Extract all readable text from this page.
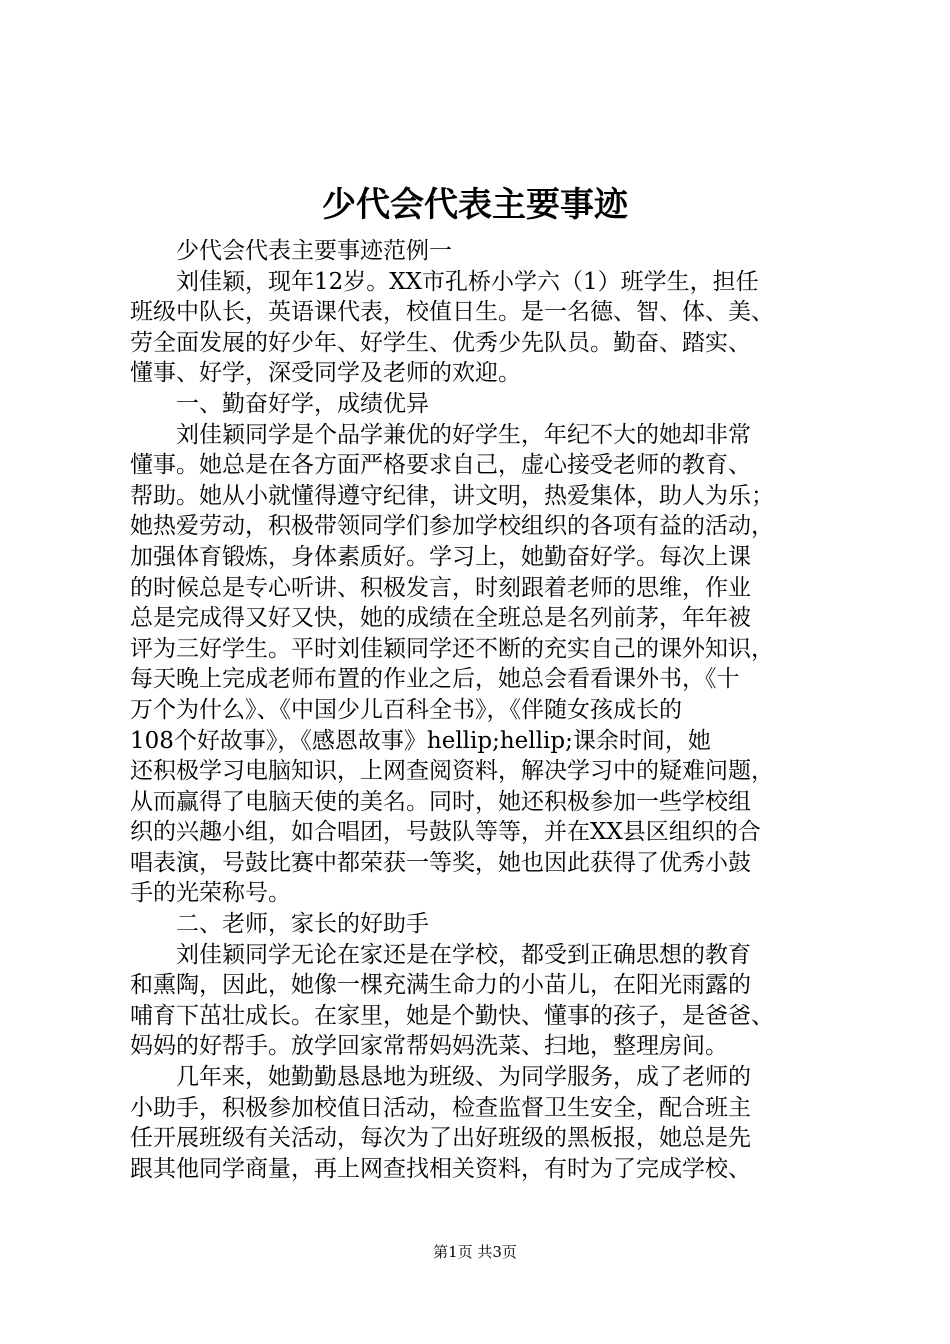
少代会代表主要事迹

少代会代表主要事迹范例一

刘佳颖，现年12岁。XX市孔桥小学六（1）班学生，担任

班级中队长，英语课代表，校值日生。是一名德、智、体、美、

劳全面发展的好少年、好学生、优秀少先队员。勤奋、踏实、

懂事、好学，深受同学及老师的欢迎。

一、勤奋好学，成绩优异

刘佳颖同学是个品学兼优的好学生，年纪不大的她却非常

懂事。她总是在各方面严格要求自己，虚心接受老师的教育、

帮助。她从小就懂得遵守纪律，讲文明，热爱集体，助人为乐；

她热爱劳动，积极带领同学们参加学校组织的各项有益的活动，

加强体育锻炼，身体素质好。学习上，她勤奋好学。每次上课

的时候总是专心听讲、积极发言，时刻跟着老师的思维，作业

总是完成得又好又快，她的成绩在全班总是名列前茅，年年被

评为三好学生。平时刘佳颖同学还不断的充实自己的课外知识，

每天晚上完成老师布置的作业之后，她总会看看课外书，《十

万个为什么》、《中国少儿百科全书》，《伴随女孩成长的

108个好故事》，《感恩故事》hellip;hellip;课余时间，她

还积极学习电脑知识，上网查阅资料，解决学习中的疑难问题，

从而赢得了电脑天使的美名。同时，她还积极参加一些学校组

织的兴趣小组，如合唱团，号鼓队等等，并在XX县区组织的合

唱表演，号鼓比赛中都荣获一等奖，她也因此获得了优秀小鼓

手的光荣称号。

二、老师，家长的好助手

刘佳颖同学无论在家还是在学校，都受到正确思想的教育

和熏陶，因此，她像一棵充满生命力的小苗儿，在阳光雨露的

哺育下茁壮成长。在家里，她是个勤快、懂事的孩子，是爸爸、

妈妈的好帮手。放学回家常帮妈妈洗菜、扫地，整理房间。

几年来，她勤勤恳恳地为班级、为同学服务，成了老师的

小助手，积极参加校值日活动，检查监督卫生安全，配合班主

任开展班级有关活动，每次为了出好班级的黑板报，她总是先

跟其他同学商量，再上网查找相关资料，有时为了完成学校、

第1页 共3页
